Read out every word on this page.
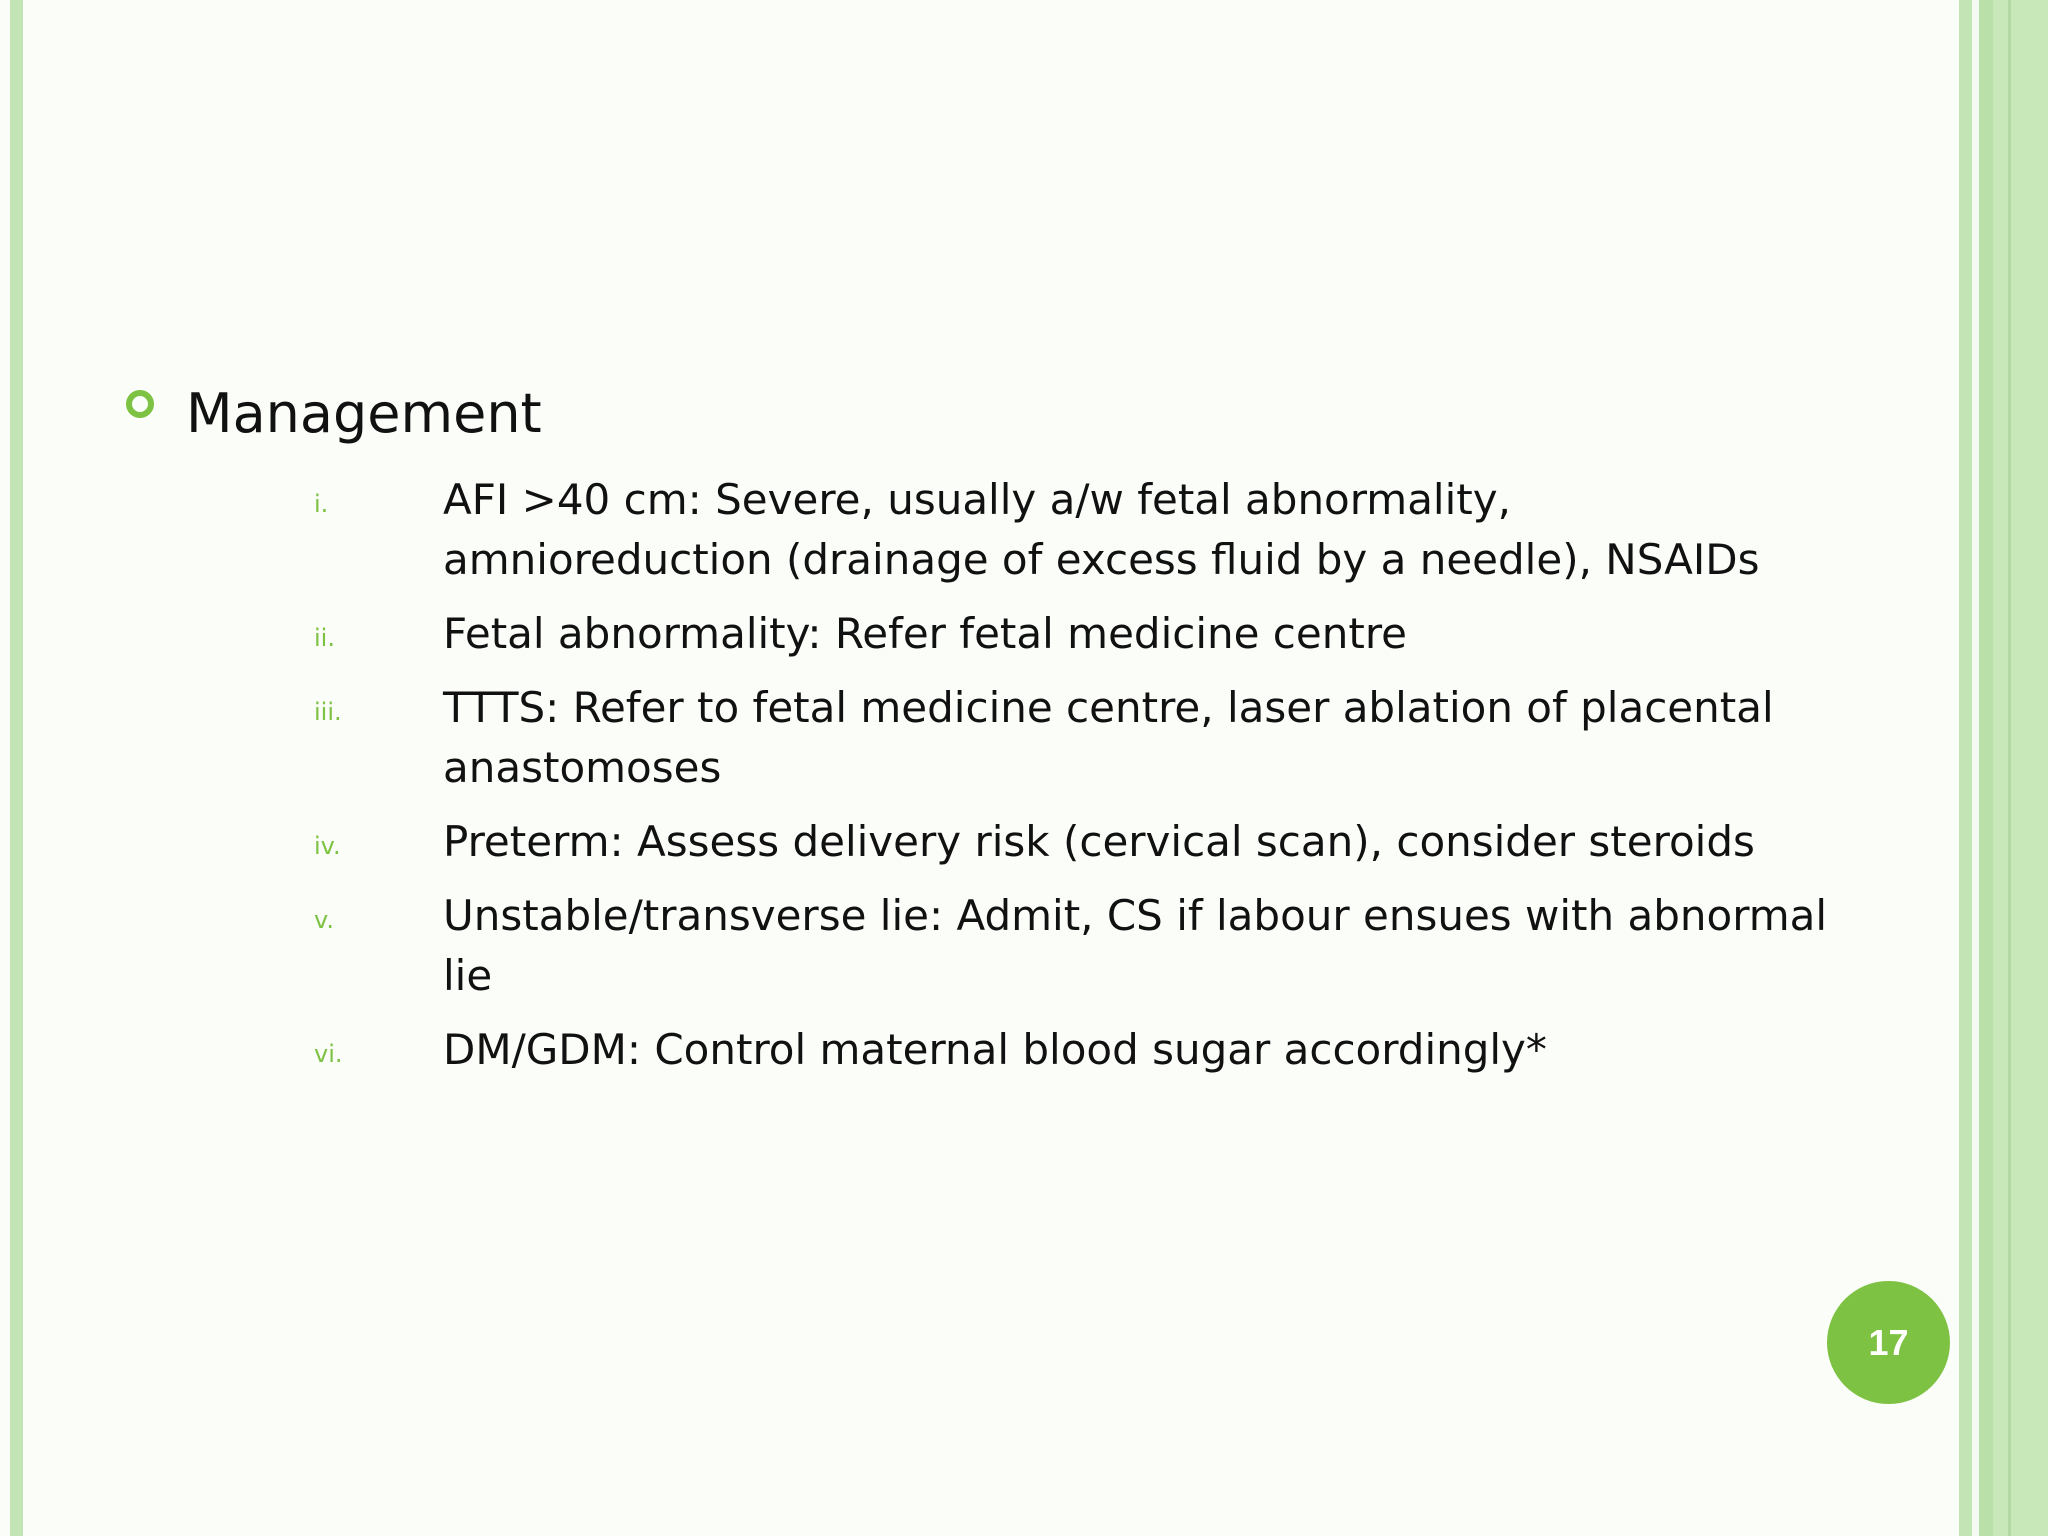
Management
i.	AFI >40 cm: Severe, usually a/w fetal abnormality, amnioreduction (drainage of excess fluid by a needle), NSAIDs
ii.	Fetal abnormality: Refer fetal medicine centre
iii. TTTS: Refer to fetal medicine centre, laser ablation of placental anastomoses
iv. Preterm: Assess delivery risk (cervical scan), consider steroids
v.	Unstable/transverse lie: Admit, CS if labour ensues with abnormal lie
vi. DM/GDM: Control maternal blood sugar accordingly*
17
